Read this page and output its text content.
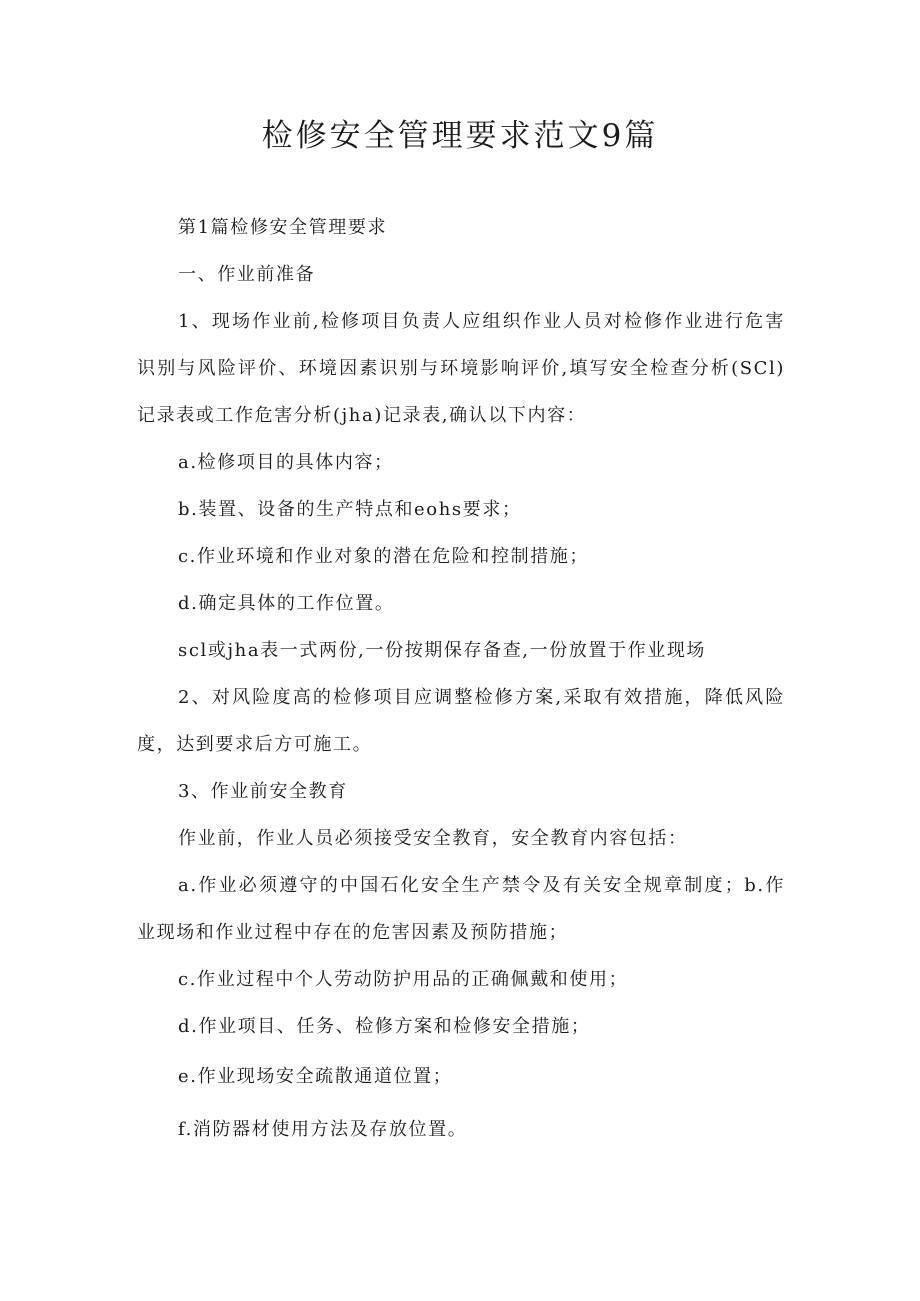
检修安全管理要求范文9篇

第1篇检修安全管理要求

一、作业前准备

1、现场作业前,检修项目负责人应组织作业人员对检修作业进行危害识别与风险评价、环境因素识别与环境影响评价,填写安全检查分析(SCl)记录表或工作危害分析(jha)记录表,确认以下内容：

a.检修项目的具体内容；

b.装置、设备的生产特点和eohs要求；

c.作业环境和作业对象的潜在危险和控制措施；

d.确定具体的工作位置。

scl或jha表一式两份,一份按期保存备查,一份放置于作业现场

2、对风险度高的检修项目应调整检修方案,采取有效措施，降低风险度，达到要求后方可施工。

3、作业前安全教育

作业前，作业人员必须接受安全教育，安全教育内容包括：

a.作业必须遵守的中国石化安全生产禁令及有关安全规章制度；b.作业现场和作业过程中存在的危害因素及预防措施；

c.作业过程中个人劳动防护用品的正确佩戴和使用；

d.作业项目、任务、检修方案和检修安全措施；

e.作业现场安全疏散通道位置；

f.消防器材使用方法及存放位置。
